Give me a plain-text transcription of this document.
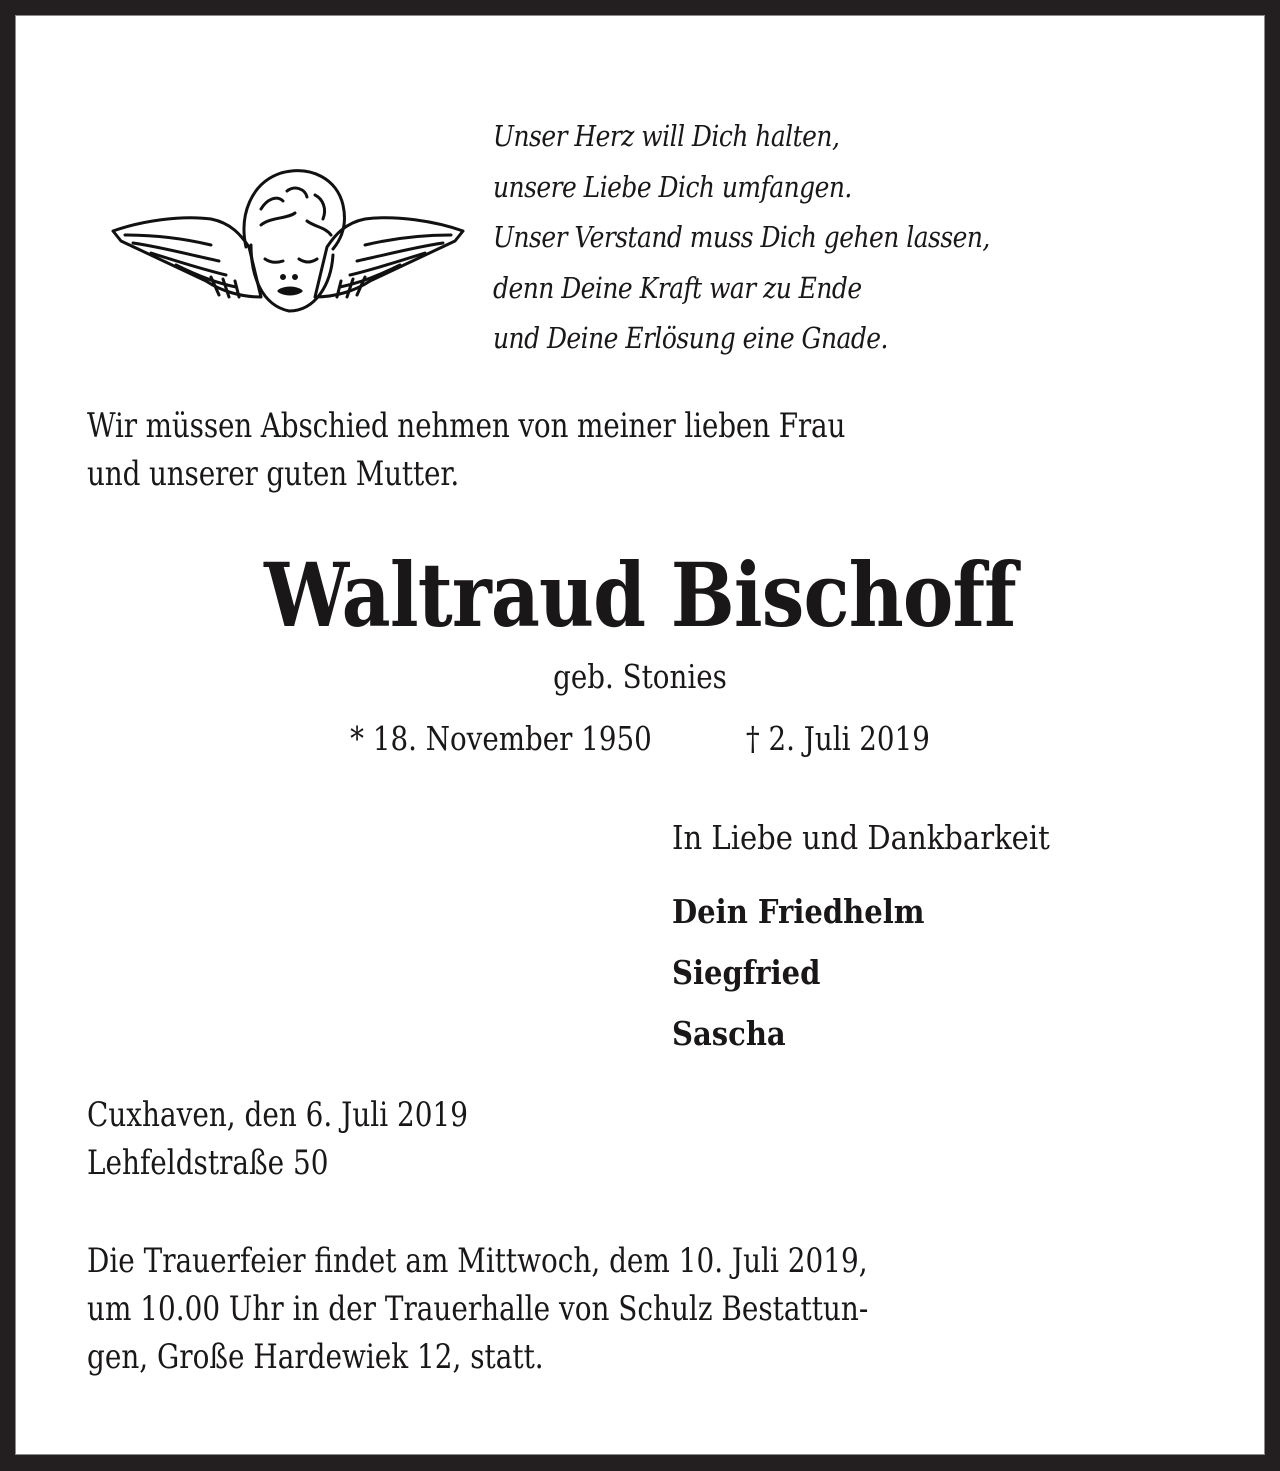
Unser Herz will Dich halten,
unsere Liebe Dich umfangen.
Unser Verstand muss Dich gehen lassen,
denn Deine Kraft war zu Ende
und Deine Erlösung eine Gnade.
Wir müssen Abschied nehmen von meiner lieben Frau
und unserer guten Mutter.
Waltraud Bischoff
geb. Stonies
* 18. November 1950	† 2. Juli 2019
In Liebe und Dankbarkeit
Dein Friedhelm
Siegfried
Sascha
Cuxhaven, den 6. Juli 2019
Lehfeldstraße 50
Die Trauerfeier findet am Mittwoch, dem 10. Juli 2019,
um 10.00 Uhr in der Trauerhalle von Schulz Bestattun-
gen, Große Hardewiek 12, statt.
